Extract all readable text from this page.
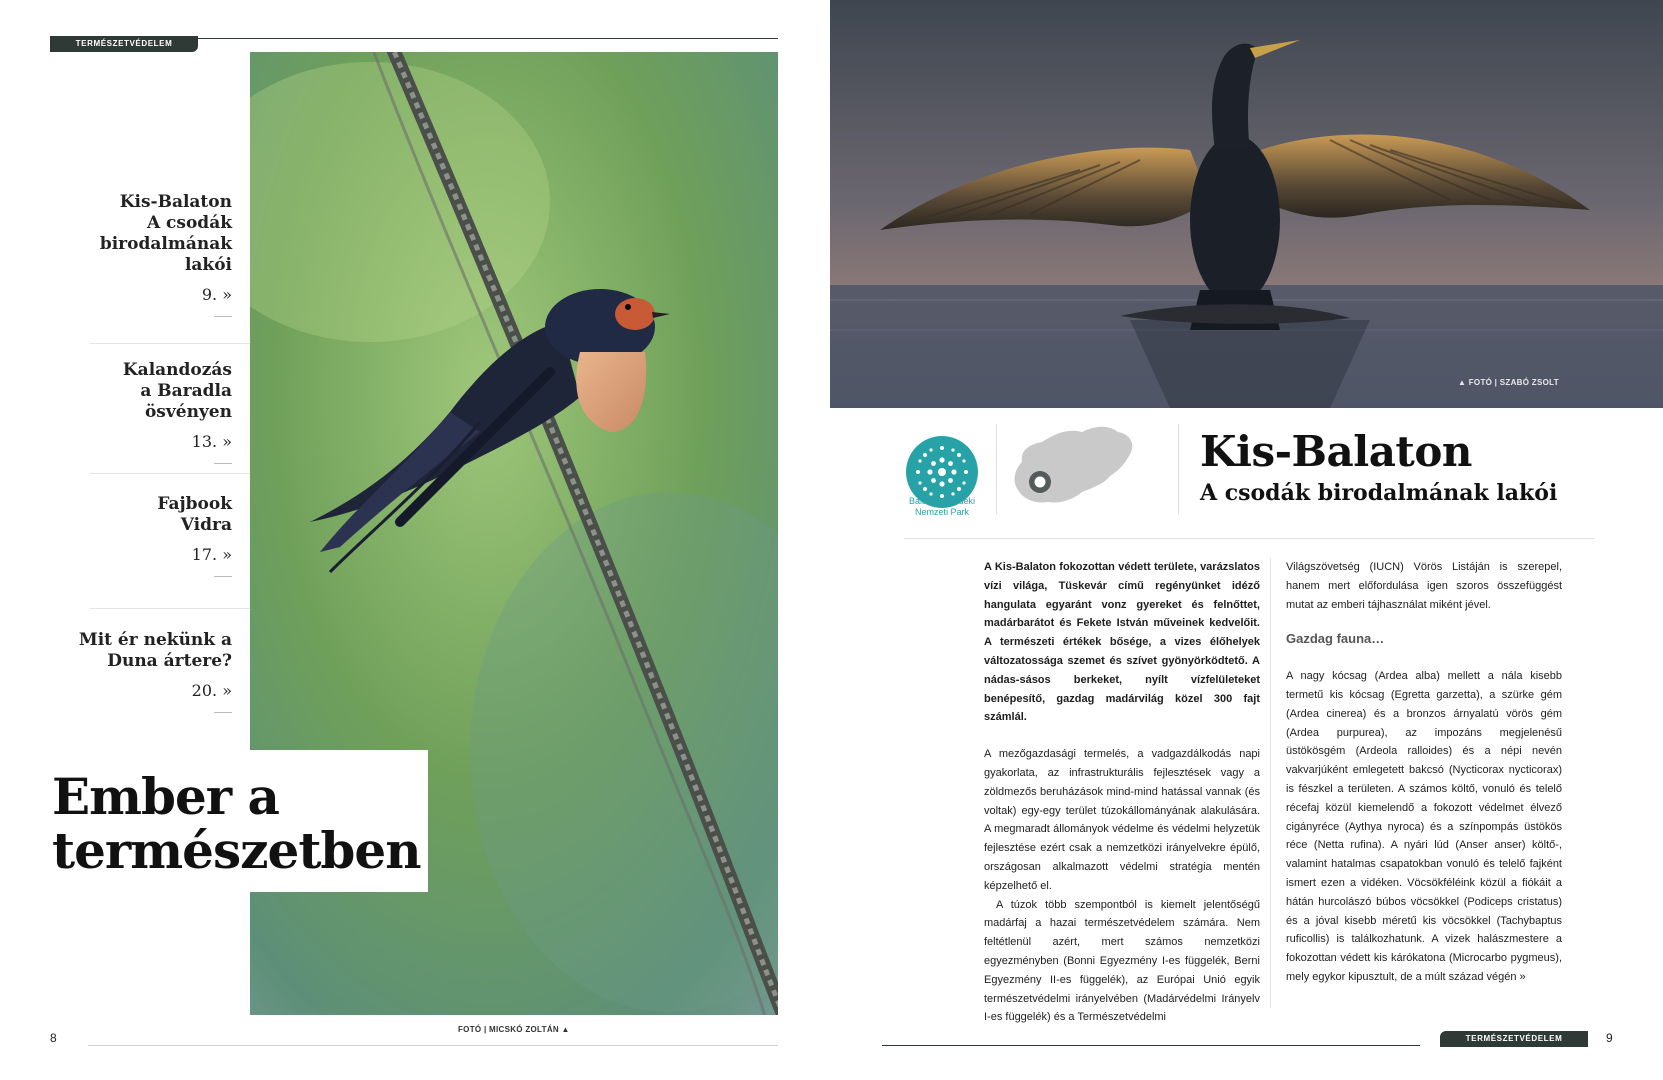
TERMÉSZETVÉDELEM
Kis-Balaton
A csodák
birodalmának
lakói
9. »
Kalandozás
a Baradla ösvényen
13. »
Fajbook
Vidra
17. »
Mit ér nekünk a
Duna ártere?
20. »
Ember a
természetben
8
FOTÓ | MICSKÓ ZOLTÁN ▲
▲ FOTÓ | SZABÓ ZSOLT
Balaton-felvidéki
Nemzeti Park
Kis-Balaton
A csodák birodalmának lakói

A Kis-Balaton fokozottan védett területe, varázslatos vízi világa, Tüskevár című regényünket idéző hangulata egyaránt vonz gyereket és felnőttet, madárbarátot és Fekete István műveinek kedvelőit. A természeti értékek bősége, a vizes élőhelyek változatossága szemet és szívet gyönyörködtető. A nádas-sásos berkeket, nyílt vízfelületeket benépesítő, gazdag madárvilág közel 300 fajt számlál.

A mezőgazdasági termelés, a vadgazdálkodás napi gyakorlata, az infrastrukturális fejlesztések vagy a zöldmezős beruházások mind-mind hatással vannak (és voltak) egy-egy terület túzokállományának alakulására. A megmaradt állományok védelme és védelmi helyzetük fejlesztése ezért csak a nemzetközi irányelvekre épülő, országosan alkalmazott védelmi stratégia mentén képzelhető el.

A túzok több szempontból is kiemelt jelentőségű madárfaj a hazai természetvédelem számára. Nem feltétlenül azért, mert számos nemzetközi egyezményben (Bonni Egyezmény I-es függelék, Berni Egyezmény II-es függelék), az Európai Unió egyik természetvédelmi irányelvében (Madárvédelmi Irányelv I-es függelék) és a Természetvédelmi

Világszövetség (IUCN) Vörös Listáján is szerepel, hanem mert előfordulása igen szoros összefüggést mutat az emberi tájhasználat miként jével.

Gazdag fauna…

A nagy kócsag (Ardea alba) mellett a nála kisebb termetű kis kócsag (Egretta garzetta), a szürke gém (Ardea cinerea) és a bronzos árnyalatú vörös gém (Ardea purpurea), az impozáns megjelenésű üstökösgém (Ardeola ralloides) és a népi nevén vakvarjúként emlegetett bakcsó (Nycticorax nycticorax) is fészkel a területen. A számos költő, vonuló és telelő récefaj közül kiemelendő a fokozott védelmet élvező cigányréce (Aythya nyroca) és a színpompás üstökös réce (Netta rufina). A nyári lúd (Anser anser) költő-, valamint hatalmas csapatokban vonuló és telelő fajként ismert ezen a vidéken. Vöcsökféléink közül a fiókáit a hátán hurcolászó búbos vöcsökkel (Podiceps cristatus) és a jóval kisebb méretű kis vöcsökkel (Tachybaptus ruficollis) is találkozhatunk. A vizek halászmestere a fokozottan védett kis kárókatona (Microcarbo pygmeus), mely egykor kipusztult, de a múlt század végén »

TERMÉSZETVÉDELEM	9
